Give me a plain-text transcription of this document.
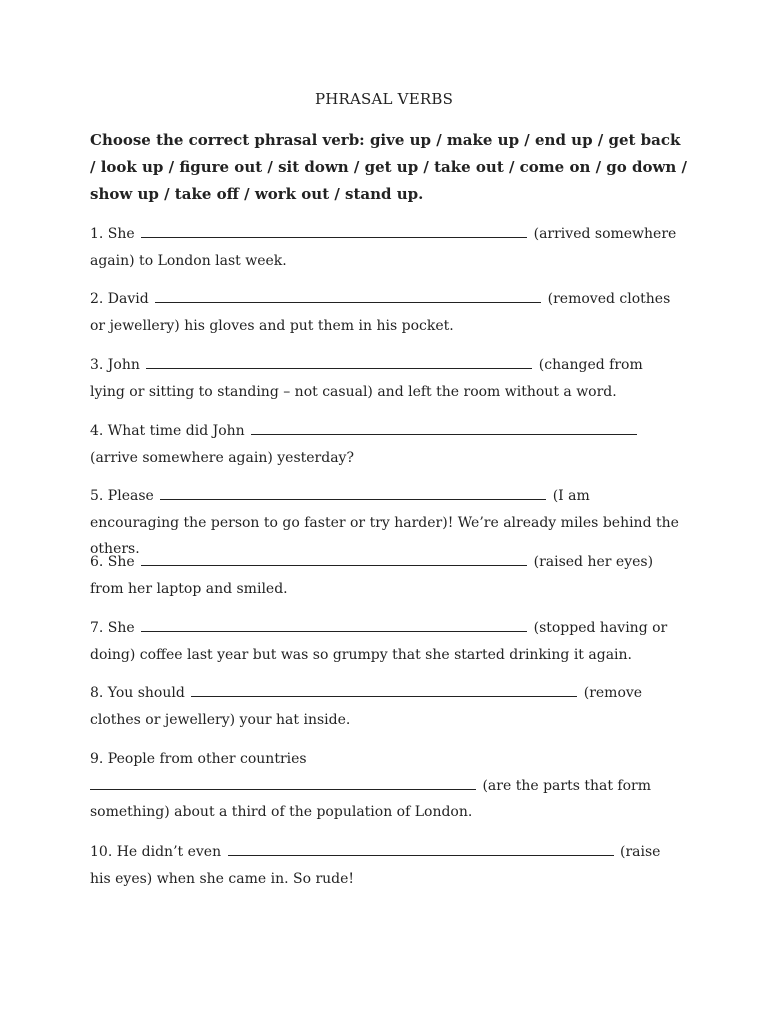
PHRASAL VERBS

Choose the correct phrasal verb: give up / make up / end up / get back / look up / figure out / sit down / get up / take out / come on / go down / show up / take off / work out / stand up.

1. She	(arrived somewhere again) to London last week.

2. David	(removed clothes or jewellery) his gloves and put them in his pocket.

3. John	(changed from lying or sitting to standing – not casual) and left the room without a word.

4. What time did John  (arrive somewhere again) yesterday?

5. Please	(I am encouraging the person to go faster or try harder)! We’re already miles behind the others.

6. She	(raised her eyes) from her laptop and smiled.

7. She	(stopped having or doing) coffee last year but was so grumpy that she started drinking it again.

8. You should	(remove clothes or jewellery) your hat inside.

9. People from other countries
(are the parts that form something) about a third of the population of London.

10. He didn’t even	(raise his eyes) when she came in. So rude!
